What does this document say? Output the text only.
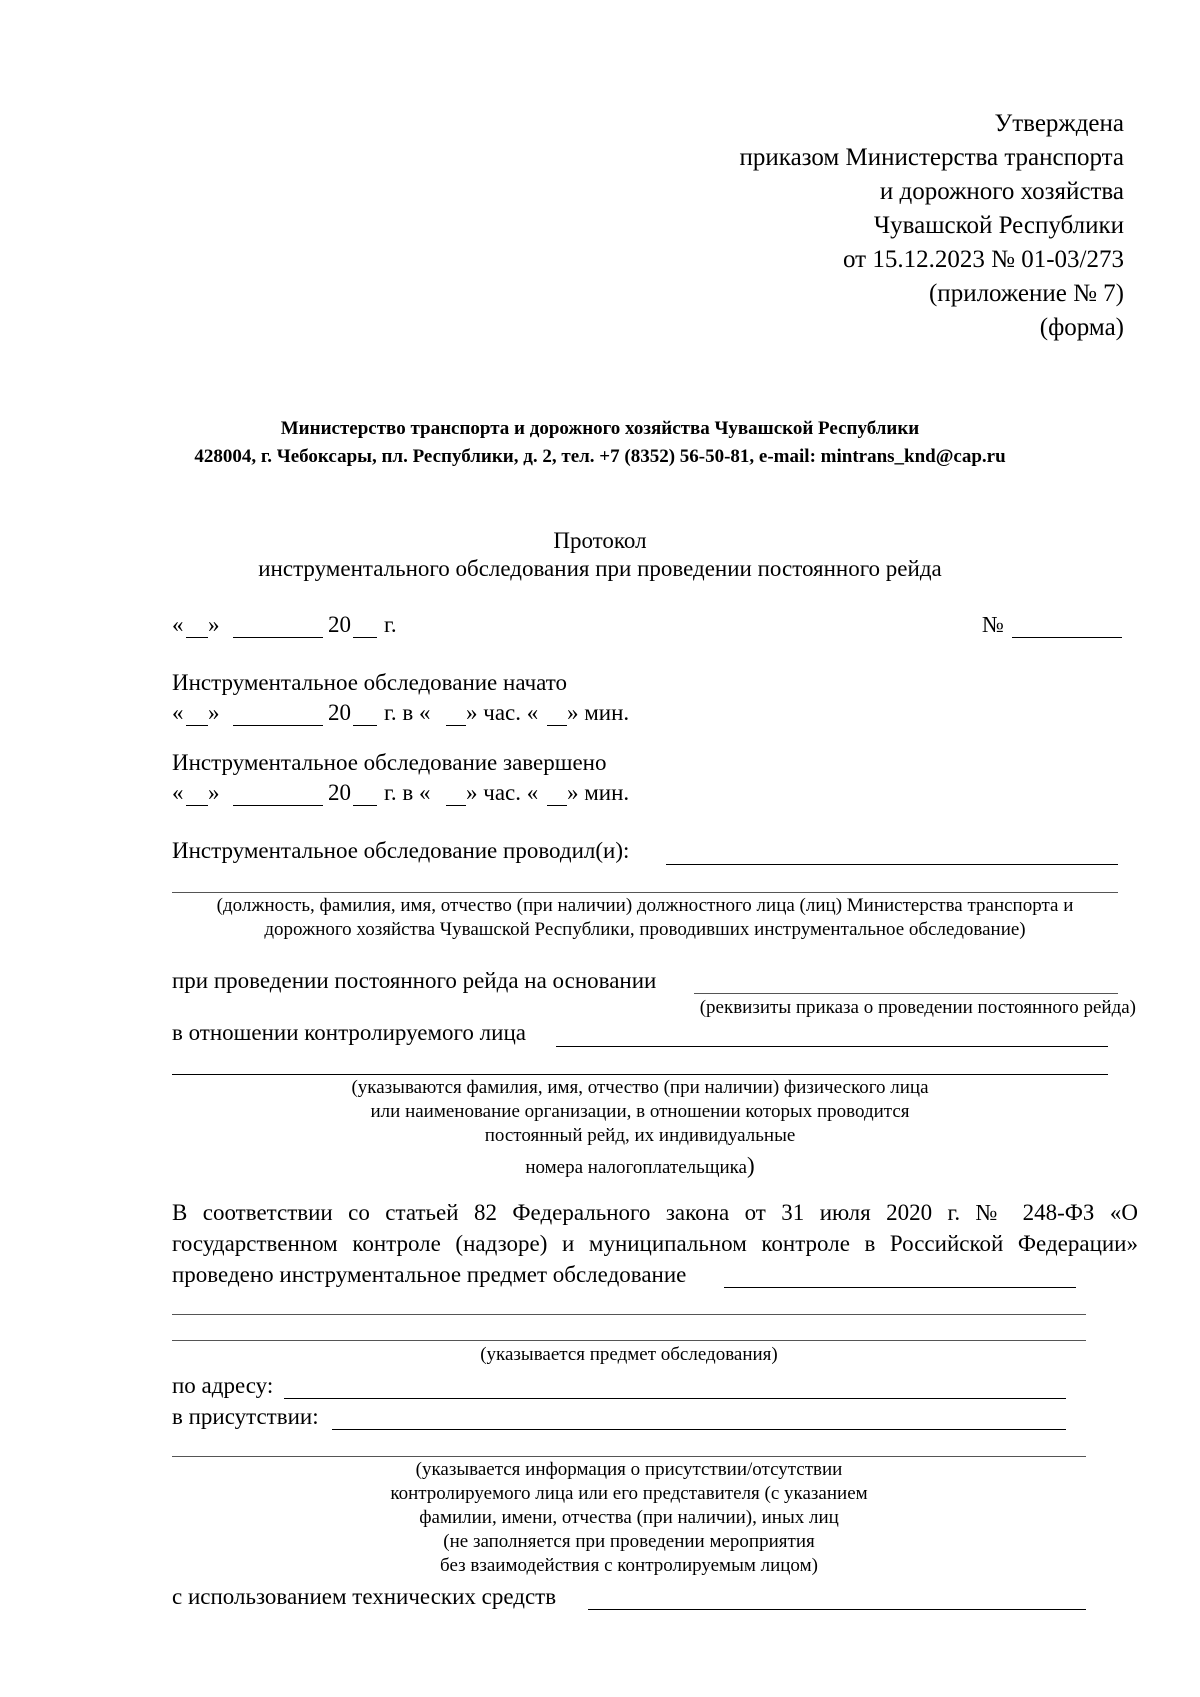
Утверждена
приказом Министерства транспорта
и дорожного хозяйства
Чувашской Республики
от 15.12.2023 № 01-03/273
(приложение № 7)
(форма)
Министерство транспорта и дорожного хозяйства Чувашской Республики
428004, г. Чебоксары, пл. Республики, д. 2, тел. +7 (8352) 56-50-81, e-mail: mintrans_knd@cap.ru
Протокол
инструментального обследования при проведении постоянного рейда
« »	20 г.	№
Инструментальное обследование начато
« »	20 г. в « » час. « » мин.
Инструментальное обследование завершено
« »	20 г. в « » час. « » мин.
Инструментальное обследование проводил(и):
(должность, фамилия, имя, отчество (при наличии) должностного лица (лиц) Министерства транспорта и
дорожного хозяйства Чувашской Республики, проводивших инструментальное обследование)
при проведении постоянного рейда на основании
(реквизиты приказа о проведении постоянного рейда)
в отношении контролируемого лица
(указываются фамилия, имя, отчество (при наличии) физического лица
или наименование организации, в отношении которых проводится
постоянный рейд, их индивидуальные
номера налогоплательщика)
В соответствии со статьей 82 Федерального закона от 31 июля 2020 г. № 248-ФЗ «О
государственном контроле (надзоре) и муниципальном контроле в Российской Федерации»
проведено инструментальное предмет обследование
(указывается предмет обследования)
по адресу:
в присутствии:
(указывается информация о присутствии/отсутствии
контролируемого лица или его представителя (с указанием
фамилии, имени, отчества (при наличии), иных лиц
(не заполняется при проведении мероприятия
без взаимодействия с контролируемым лицом)
с использованием технических средств
